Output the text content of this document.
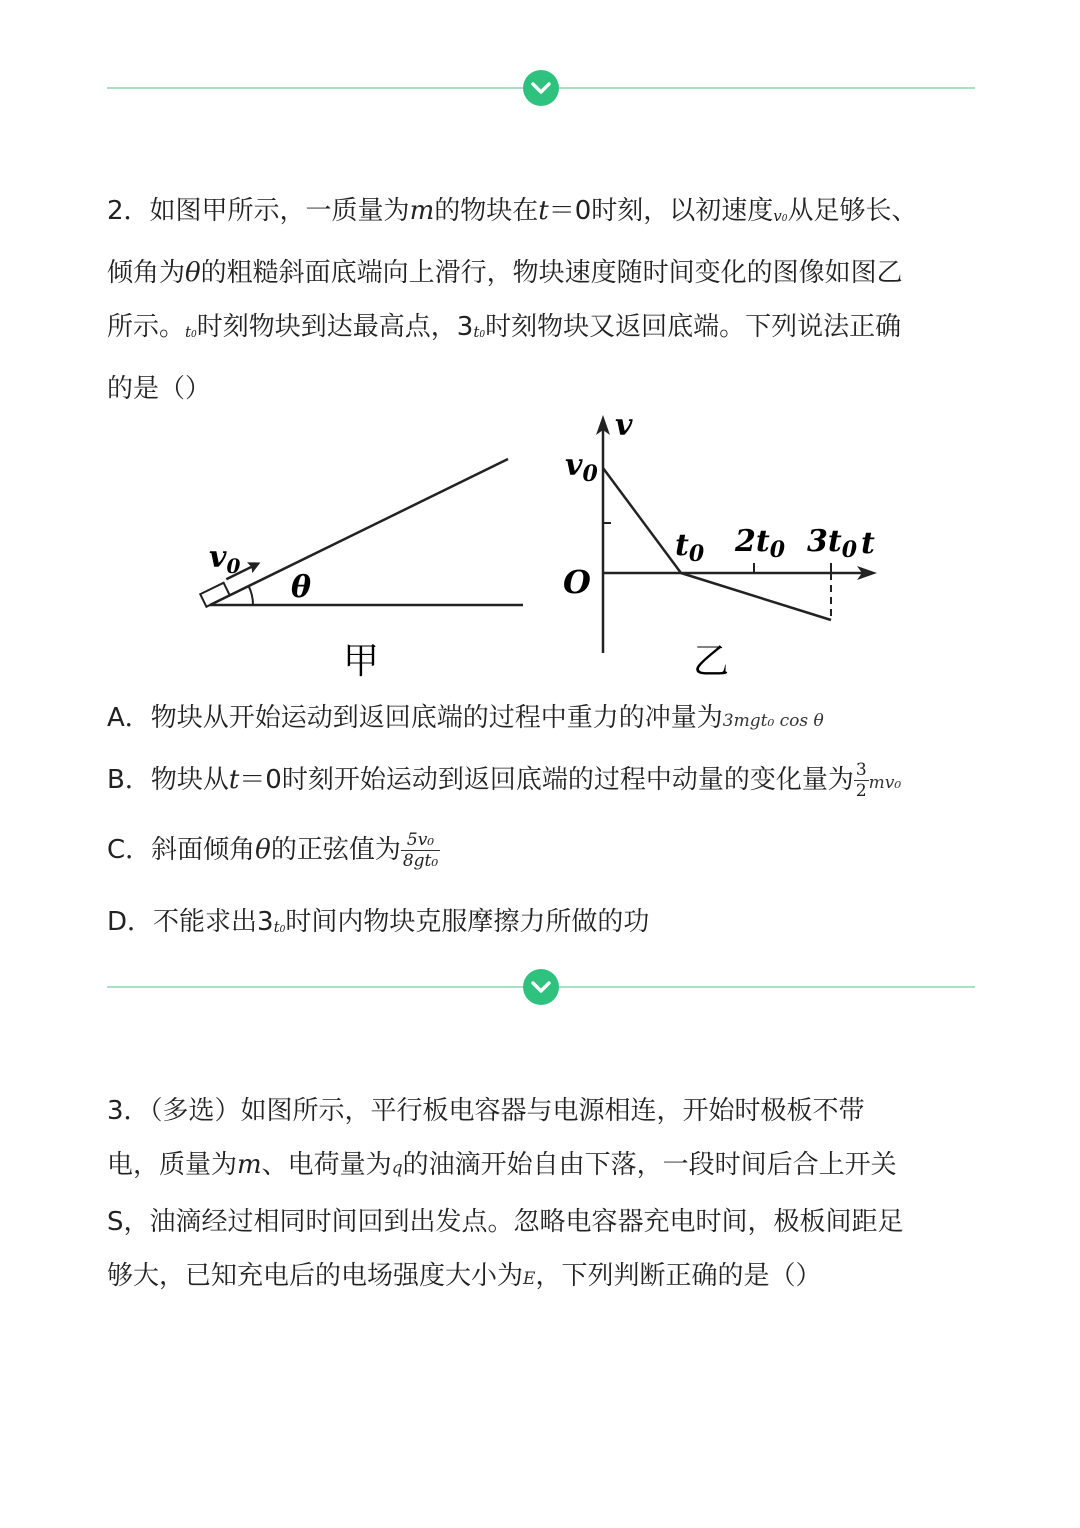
2．如图甲所示，一质量为m的物块在t＝0时刻，以初速度v0从足够长、
倾角为θ的粗糙斜面底端向上滑行，物块速度随时间变化的图像如图乙
所示。t0时刻物块到达最高点，3t0时刻物块又返回底端。下列说法正确
的是（）
$v_0$
θ
甲
v
$v_0$
O
$t_0$ $2t_0$ $3t_0$ t
乙
A．物块从开始运动到返回底端的过程中重力的冲量为3mgt₀ cos θ
B．物块从t＝0时刻开始运动到返回底端的过程中动量的变化量为 $\frac{3}{2} mv_0$
C．斜面倾角θ的正弦值为 $\frac{\text{5v₀}}{\text{8gt₀}}$
D．不能求出3t0时间内物块克服摩擦力所做的功
3．（多选）如图所示，平行板电容器与电源相连，开始时极板不带
电，质量为m、电荷量为q的油滴开始自由下落，一段时间后合上开关
S，油滴经过相同时间回到出发点。忽略电容器充电时间，极板间距足
够大，已知充电后的电场强度大小为E，下列判断正确的是（）
